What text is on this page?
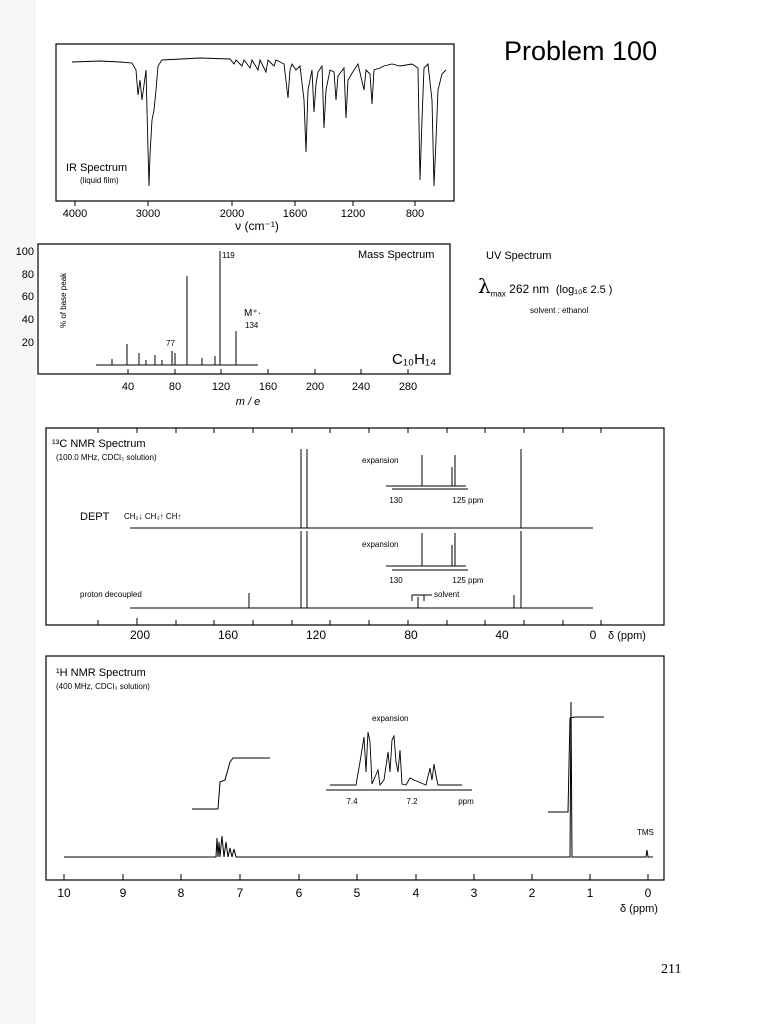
Problem 100
IR Spectrum
(liquid film)
4000	3000	2000	1600	1200	800
ν (cm⁻¹)
100
80
60
40
20
% of base peak
119
77
M⁺·
134
Mass Spectrum
C₁₀H₁₄
40	80	120	160	200	240	280
m / e
UV Spectrum
$\lambda_{max}$ 262 nm (log₁₀ε 2.5 )
solvent : ethanol
¹³C NMR Spectrum
(100.0 MHz, CDCl₃ solution)
DEPT CH₂↓ CH₃↑ CH↑
expansion
130	125 ppm
proton decoupled
expansion
130	125 ppm
solvent
200	160	120	80	40	0 δ (ppm)
¹H NMR Spectrum
(400 MHz, CDCl₃ solution)
expansion
7.4	7.2	ppm
TMS
10	9	8	7	6	5	4	3	2	1	0
δ (ppm)
211
